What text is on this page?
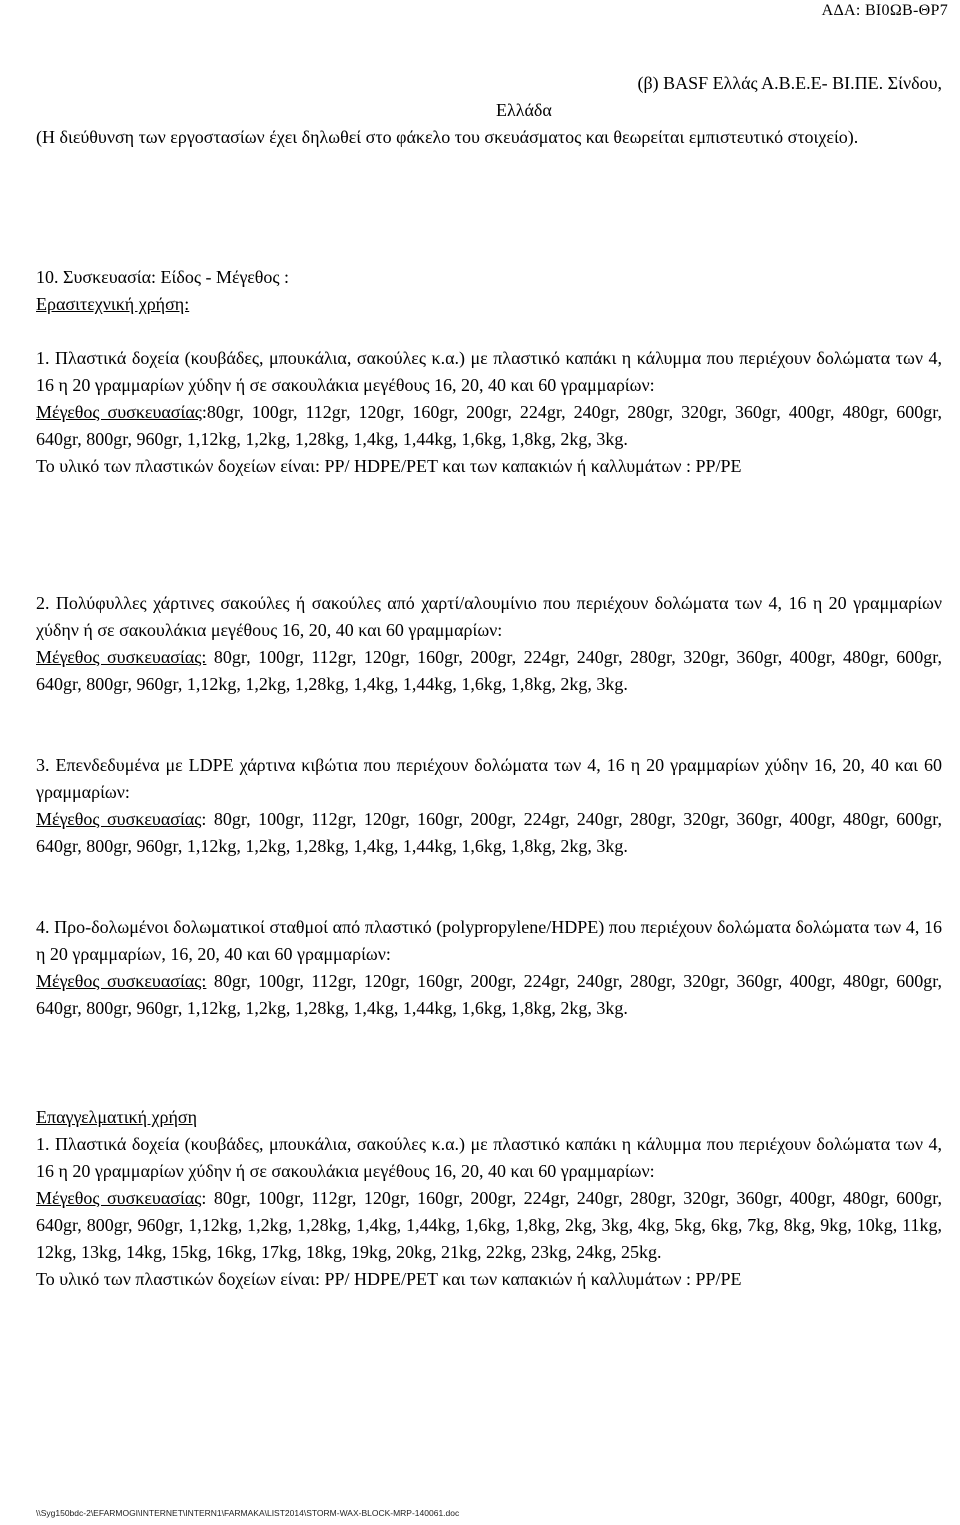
ΑΔΑ: ΒΙ0ΩΒ-ΘΡ7

(β) BASF Ελλάς Α.Β.Ε.Ε- ΒΙ.ΠΕ. Σίνδου,

Ελλάδα

(Η διεύθυνση των εργοστασίων έχει δηλωθεί στο φάκελο του σκευάσματος και θεωρείται εμπιστευτικό στοιχείο).

10. Συσκευασία: Είδος - Μέγεθος :

Ερασιτεχνική χρήση:

1. Πλαστικά δοχεία (κουβάδες, μπουκάλια, σακούλες κ.α.) με πλαστικό καπάκι η κάλυμμα που περιέχουν δολώματα των 4, 16 η 20 γραμμαρίων χύδην ή σε σακουλάκια μεγέθους 16, 20, 40 και 60 γραμμαρίων:

Μέγεθος συσκευασίας:80gr, 100gr, 112gr, 120gr, 160gr, 200gr, 224gr, 240gr, 280gr, 320gr, 360gr, 400gr, 480gr, 600gr, 640gr, 800gr, 960gr, 1,12kg, 1,2kg, 1,28kg, 1,4kg, 1,44kg, 1,6kg, 1,8kg, 2kg, 3kg.

Το υλικό των πλαστικών δοχείων είναι: PP/ HDPE/PET και των καπακιών ή καλλυμάτων : PP/PE

2. Πολύφυλλες χάρτινες σακούλες ή σακούλες από χαρτί/αλουμίνιο που περιέχουν δολώματα των 4, 16 η 20 γραμμαρίων χύδην ή σε σακουλάκια μεγέθους 16, 20, 40 και 60 γραμμαρίων:

Μέγεθος συσκευασίας: 80gr, 100gr, 112gr, 120gr, 160gr, 200gr, 224gr, 240gr, 280gr, 320gr, 360gr, 400gr, 480gr, 600gr, 640gr, 800gr, 960gr, 1,12kg, 1,2kg, 1,28kg, 1,4kg, 1,44kg, 1,6kg, 1,8kg, 2kg, 3kg.

3. Επενδεδυμένα με LDPE χάρτινα κιβώτια που περιέχουν δολώματα των 4, 16 η 20 γραμμαρίων χύδην 16, 20, 40 και 60 γραμμαρίων:

Μέγεθος συσκευασίας: 80gr, 100gr, 112gr, 120gr, 160gr, 200gr, 224gr, 240gr, 280gr, 320gr, 360gr, 400gr, 480gr, 600gr, 640gr, 800gr, 960gr, 1,12kg, 1,2kg, 1,28kg, 1,4kg, 1,44kg, 1,6kg, 1,8kg, 2kg, 3kg.

4. Προ-δολωμένοι δολωματικοί σταθμοί από πλαστικό (polypropylene/HDPE) που περιέχουν δολώματα δολώματα των 4, 16 η 20 γραμμαρίων, 16, 20, 40 και 60 γραμμαρίων:

Μέγεθος συσκευασίας: 80gr, 100gr, 112gr, 120gr, 160gr, 200gr, 224gr, 240gr, 280gr, 320gr, 360gr, 400gr, 480gr, 600gr, 640gr, 800gr, 960gr, 1,12kg, 1,2kg, 1,28kg, 1,4kg, 1,44kg, 1,6kg, 1,8kg, 2kg, 3kg.

Επαγγελματική χρήση

1. Πλαστικά δοχεία (κουβάδες, μπουκάλια, σακούλες κ.α.) με πλαστικό καπάκι η κάλυμμα που περιέχουν δολώματα των 4, 16 η 20 γραμμαρίων χύδην ή σε σακουλάκια μεγέθους 16, 20, 40 και 60 γραμμαρίων:

Μέγεθος συσκευασίας: 80gr, 100gr, 112gr, 120gr, 160gr, 200gr, 224gr, 240gr, 280gr, 320gr, 360gr, 400gr, 480gr, 600gr, 640gr, 800gr, 960gr, 1,12kg, 1,2kg, 1,28kg, 1,4kg, 1,44kg, 1,6kg, 1,8kg, 2kg, 3kg, 4kg, 5kg, 6kg, 7kg, 8kg, 9kg, 10kg, 11kg, 12kg, 13kg, 14kg, 15kg, 16kg, 17kg, 18kg, 19kg, 20kg, 21kg, 22kg, 23kg, 24kg, 25kg.

Το υλικό των πλαστικών δοχείων είναι: PP/ HDPE/PET και των καπακιών ή καλλυμάτων : PP/PE

\\Syg150bdc-2\EFARMOGI\INTERNET\INTERN1\FARMAKA\LIST2014\STORM-WAX-BLOCK-MRP-140061.doc
